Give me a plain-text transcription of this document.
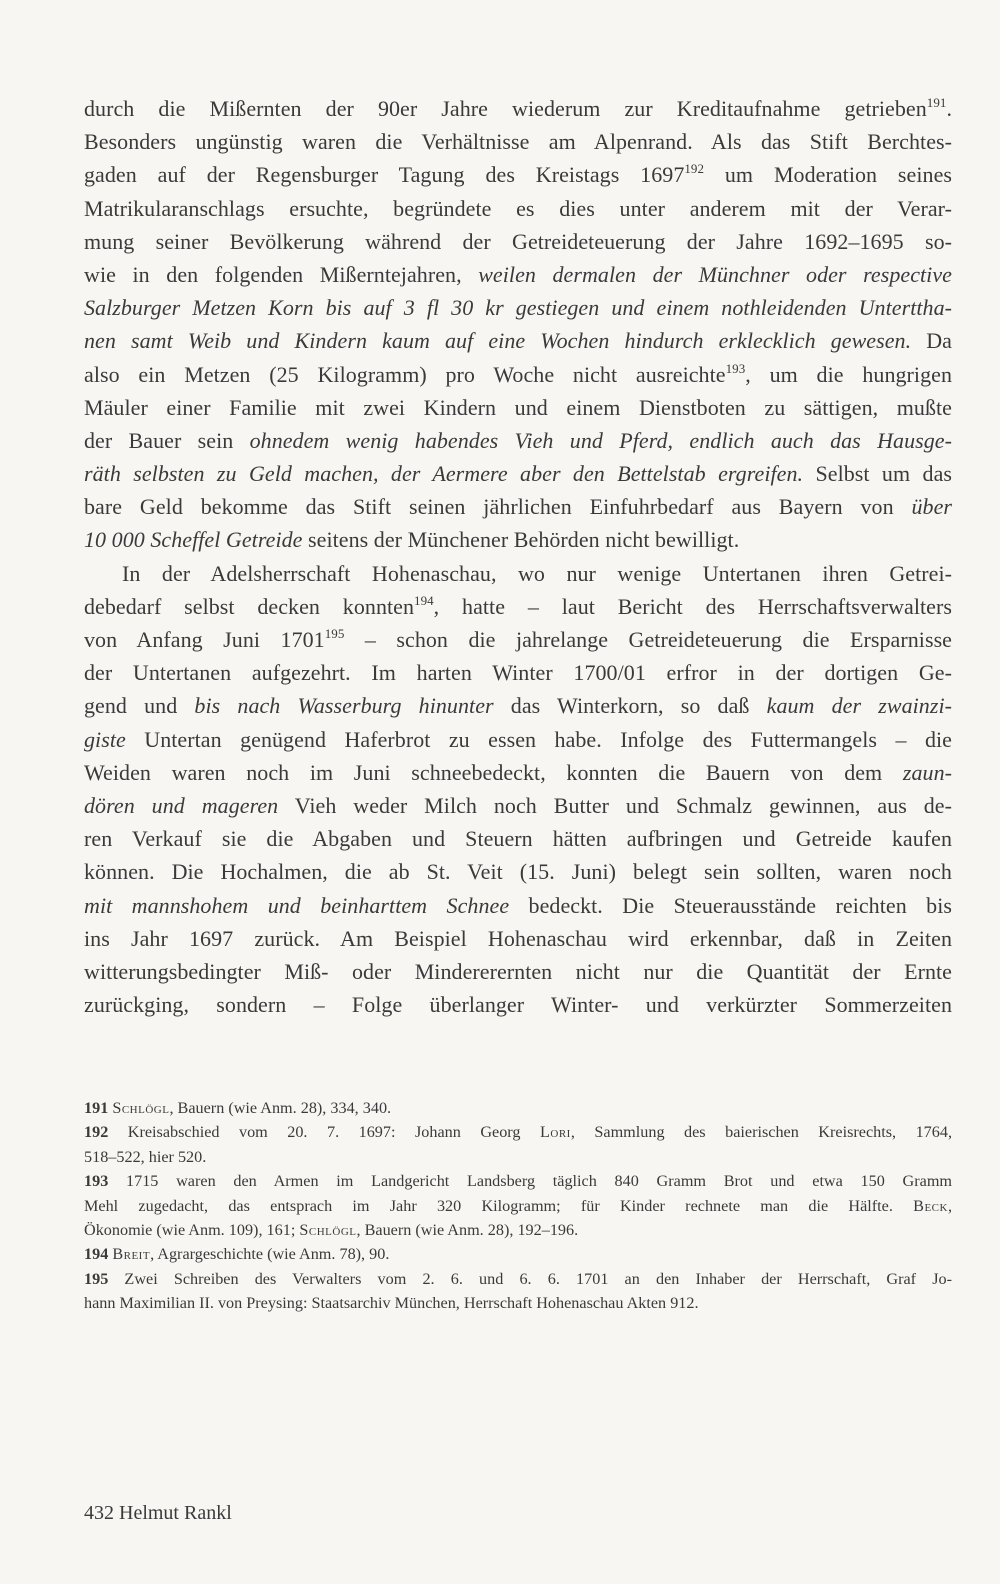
durch die Mißernten der 90er Jahre wiederum zur Kreditaufnahme getrieben$^{191}$.
Besonders ungünstig waren die Verhältnisse am Alpenrand. Als das Stift Berchtes-
gaden auf der Regensburger Tagung des Kreistags 1697$^{192}$ um Moderation seines
Matrikularanschlags ersuchte, begründete es dies unter anderem mit der Verar-
mung seiner Bevölkerung während der Getreideteuerung der Jahre 1692–1695 so-
wie in den folgenden Mißerntejahren, weilen dermalen der Münchner oder respective
Salzburger Metzen Korn bis auf 3 fl 30 kr gestiegen und einem nothleidenden Unterttha-
nen samt Weib und Kindern kaum auf eine Wochen hindurch erklecklich gewesen. Da
also ein Metzen (25 Kilogramm) pro Woche nicht ausreichte$^{193}$, um die hungrigen
Mäuler einer Familie mit zwei Kindern und einem Dienstboten zu sättigen, mußte
der Bauer sein ohnedem wenig habendes Vieh und Pferd, endlich auch das Hausge-
räth selbsten zu Geld machen, der Aermere aber den Bettelstab ergreifen. Selbst um das
bare Geld bekomme das Stift seinen jährlichen Einfuhrbedarf aus Bayern von über
10 000 Scheffel Getreide seitens der Münchener Behörden nicht bewilligt.
In der Adelsherrschaft Hohenaschau, wo nur wenige Untertanen ihren Getrei-
debedarf selbst decken konnten$^{194}$, hatte – laut Bericht des Herrschaftsverwalters
von Anfang Juni 1701$^{195}$ – schon die jahrelange Getreideteuerung die Ersparnisse
der Untertanen aufgezehrt. Im harten Winter 1700/01 erfror in der dortigen Ge-
gend und bis nach Wasserburg hinunter das Winterkorn, so daß kaum der zwainzi-
giste Untertan genügend Haferbrot zu essen habe. Infolge des Futtermangels – die
Weiden waren noch im Juni schneebedeckt, konnten die Bauern von dem zaun-
dören und mageren Vieh weder Milch noch Butter und Schmalz gewinnen, aus de-
ren Verkauf sie die Abgaben und Steuern hätten aufbringen und Getreide kaufen
können. Die Hochalmen, die ab St. Veit (15. Juni) belegt sein sollten, waren noch
mit mannshohem und beinharttem Schnee bedeckt. Die Steuerausstände reichten bis
ins Jahr 1697 zurück. Am Beispiel Hohenaschau wird erkennbar, daß in Zeiten
witterungsbedingter Miß- oder Mindererernten nicht nur die Quantität der Ernte
zurückging, sondern – Folge überlanger Winter- und verkürzter Sommerzeiten
191 Schlögl, Bauern (wie Anm. 28), 334, 340.
192 Kreisabschied vom 20. 7. 1697: Johann Georg Lori, Sammlung des baierischen Kreisrechts, 1764,
518–522, hier 520.
193 1715 waren den Armen im Landgericht Landsberg täglich 840 Gramm Brot und etwa 150 Gramm
Mehl zugedacht, das entsprach im Jahr 320 Kilogramm; für Kinder rechnete man die Hälfte. Beck,
Ökonomie (wie Anm. 109), 161; Schlögl, Bauern (wie Anm. 28), 192–196.
194 Breit, Agrargeschichte (wie Anm. 78), 90.
195 Zwei Schreiben des Verwalters vom 2. 6. und 6. 6. 1701 an den Inhaber der Herrschaft, Graf Jo-
hann Maximilian II. von Preysing: Staatsarchiv München, Herrschaft Hohenaschau Akten 912.
432 Helmut Rankl
